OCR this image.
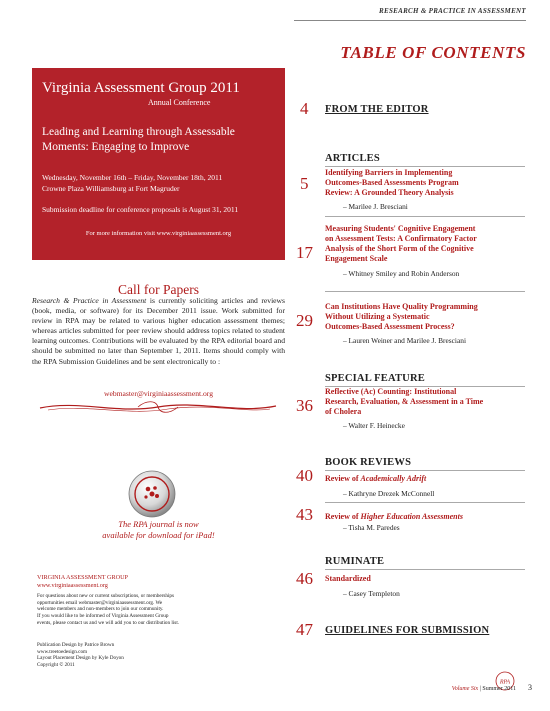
RESEARCH & PRACTICE IN ASSESSMENT
Virginia Assessment Group 2011
Annual Conference
Leading and Learning through Assessable Moments: Engaging to Improve
Wednesday, November 16th – Friday, November 18th, 2011
Crowne Plaza Williamsburg at Fort Magruder
Submission deadline for conference proposals is August 31, 2011
For more information visit www.virginiaassessment.org
Call for Papers
Research & Practice in Assessment is currently soliciting articles and reviews (book, media, or software) for its December 2011 issue. Work submitted for review in RPA may be related to various higher education assessment themes; whereas articles submitted for peer review should address topics related to student learning outcomes. Contributions will be evaluated by the RPA editorial board and should be submitted no later than September 1, 2011. Items should comply with the RPA Submission Guidelines and be sent electronically to :
webmaster@virginiaassessment.org
The RPA journal is now
available for download for iPad!
VIRGINIA ASSESSMENT GROUP
www.virginiaassessment.org
For questions about new or current subscriptions, or memberships
opportunities email webmaster@virginiaassessment.org. We
welcome members and non-members to join our community.
If you would like to be informed of Virginia Assessment Group
events, please contact us and we will add you to our distribution list.
Publication Design by Patrice Brown
www.treetoedesign.com
Layout Placement Design by Kyle Doyon
Copyright © 2011
TABLE OF CONTENTS
4 FROM THE EDITOR
ARTICLES
5
Identifying Barriers in Implementing
Outcomes-Based Assessments Program
Review: A Grounded Theory Analysis
– Marilee J. Bresciani
17
Measuring Students' Cognitive Engagement
on Assessment Tests: A Confirmatory Factor
Analysis of the Short Form of the Cognitive
Engagement Scale
– Whitney Smiley and Robin Anderson
29
Can Institutions Have Quality Programming
Without Utilizing a Systematic
Outcomes-Based Assessment Process?
– Lauren Weiner and Marilee J. Bresciani
SPECIAL FEATURE
36
Reflective (Ac) Counting: Institutional
Research, Evaluation, & Assessment in a Time
of Cholera
– Walter F. Heinecke
BOOK REVIEWS
40 Review of Academically Adrift
– Kathryne Drezek McConnell
43 Review of Higher Education Assessments
– Tisha M. Paredes
RUMINATE
46 Standardized
– Casey Templeton
47 GUIDELINES FOR SUBMISSION
RPA
Volume Six | Summer 2011 3
